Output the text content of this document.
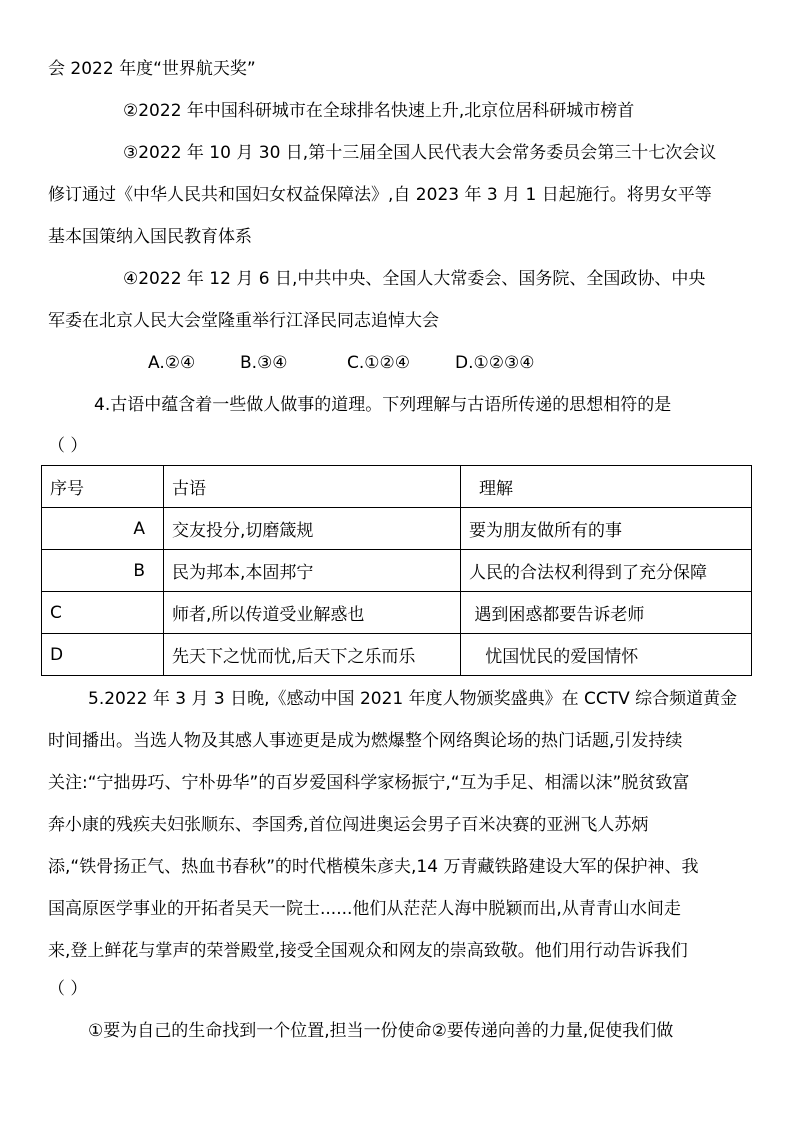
会 2022 年度“世界航天奖”
②2022 年中国科研城市在全球排名快速上升,北京位居科研城市榜首
③2022 年 10 月 30 日,第十三届全国人民代表大会常务委员会第三十七次会议
修订通过《中华人民共和国妇女权益保障法》,自 2023 年 3 月 1 日起施行。将男女平等
基本国策纳入国民教育体系
④2022 年 12 月 6 日,中共中央、全国人大常委会、国务院、全国政协、中央
军委在北京人民大会堂隆重举行江泽民同志追悼大会
A.②④	B.③④	C.①②④	D.①②③④
4.古语中蕴含着一些做人做事的道理。下列理解与古语所传递的思想相符的是
（ ）
序号	古语	理解
A	交友投分,切磨箴规	要为朋友做所有的事
B	民为邦本,本固邦宁	人民的合法权利得到了充分保障
C	师者,所以传道受业解惑也	遇到困惑都要告诉老师
D	先天下之忧而忧,后天下之乐而乐	忧国忧民的爱国情怀
5.2022 年 3 月 3 日晚,《感动中国 2021 年度人物颁奖盛典》在 CCTV 综合频道黄金
时间播出。当选人物及其感人事迹更是成为燃爆整个网络舆论场的热门话题,引发持续
关注:“宁拙毋巧、宁朴毋华”的百岁爱国科学家杨振宁,“互为手足、相濡以沫”脱贫致富
奔小康的残疾夫妇张顺东、李国秀,首位闯进奥运会男子百米决赛的亚洲飞人苏炳
添,“铁骨扬正气、热血书春秋”的时代楷模朱彦夫,14 万青藏铁路建设大军的保护神、我
国高原医学事业的开拓者吴天一院士......他们从茫茫人海中脱颖而出,从青青山水间走
来,登上鲜花与掌声的荣誉殿堂,接受全国观众和网友的崇高致敬。他们用行动告诉我们
（ ）
①要为自己的生命找到一个位置,担当一份使命②要传递向善的力量,促使我们做
